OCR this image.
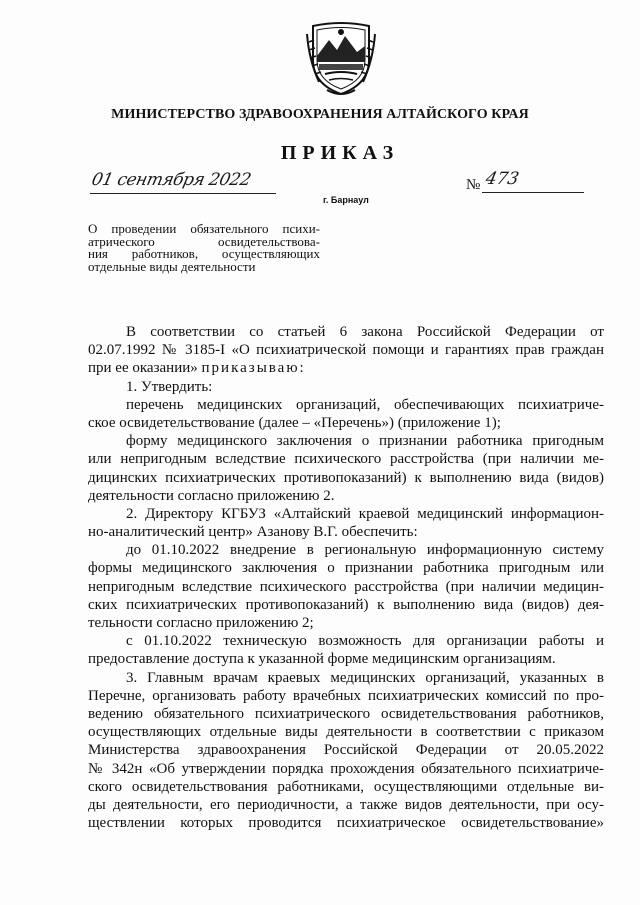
МИНИСТЕРСТВО ЗДРАВООХРАНЕНИЯ АЛТАЙСКОГО КРАЯ
ПРИКАЗ
01 сентября 2022
г. Барнаул
№ 473
О проведении обязательного психи-
атрического освидетельствова-
ния работников, осуществляющих
отдельные виды деятельности
В соответствии со статьей 6 закона Российской Федерации от
02.07.1992 № 3185-I «О психиатрической помощи и гарантиях прав граждан
при ее оказании» приказываю:
1. Утвердить:
перечень медицинских организаций, обеспечивающих психиатриче-
ское освидетельствование (далее – «Перечень») (приложение 1);
форму медицинского заключения о признании работника пригодным
или непригодным вследствие психического расстройства (при наличии ме-
дицинских психиатрических противопоказаний) к выполнению вида (видов)
деятельности согласно приложению 2.
2. Директору КГБУЗ «Алтайский краевой медицинский информацион-
но-аналитический центр» Азанову В.Г. обеспечить:
до 01.10.2022 внедрение в региональную информационную систему
формы медицинского заключения о признании работника пригодным или
непригодным вследствие психического расстройства (при наличии медицин-
ских психиатрических противопоказаний) к выполнению вида (видов) дея-
тельности согласно приложению 2;
с 01.10.2022 техническую возможность для организации работы и
предоставление доступа к указанной форме медицинским организациям.
3. Главным врачам краевых медицинских организаций, указанных в
Перечне, организовать работу врачебных психиатрических комиссий по про-
ведению обязательного психиатрического освидетельствования работников,
осуществляющих отдельные виды деятельности в соответствии с приказом
Министерства здравоохранения Российской Федерации от 20.05.2022
№ 342н «Об утверждении порядка прохождения обязательного психиатриче-
ского освидетельствования работниками, осуществляющими отдельные ви-
ды деятельности, его периодичности, а также видов деятельности, при осу-
ществлении которых проводится психиатрическое освидетельствование»
